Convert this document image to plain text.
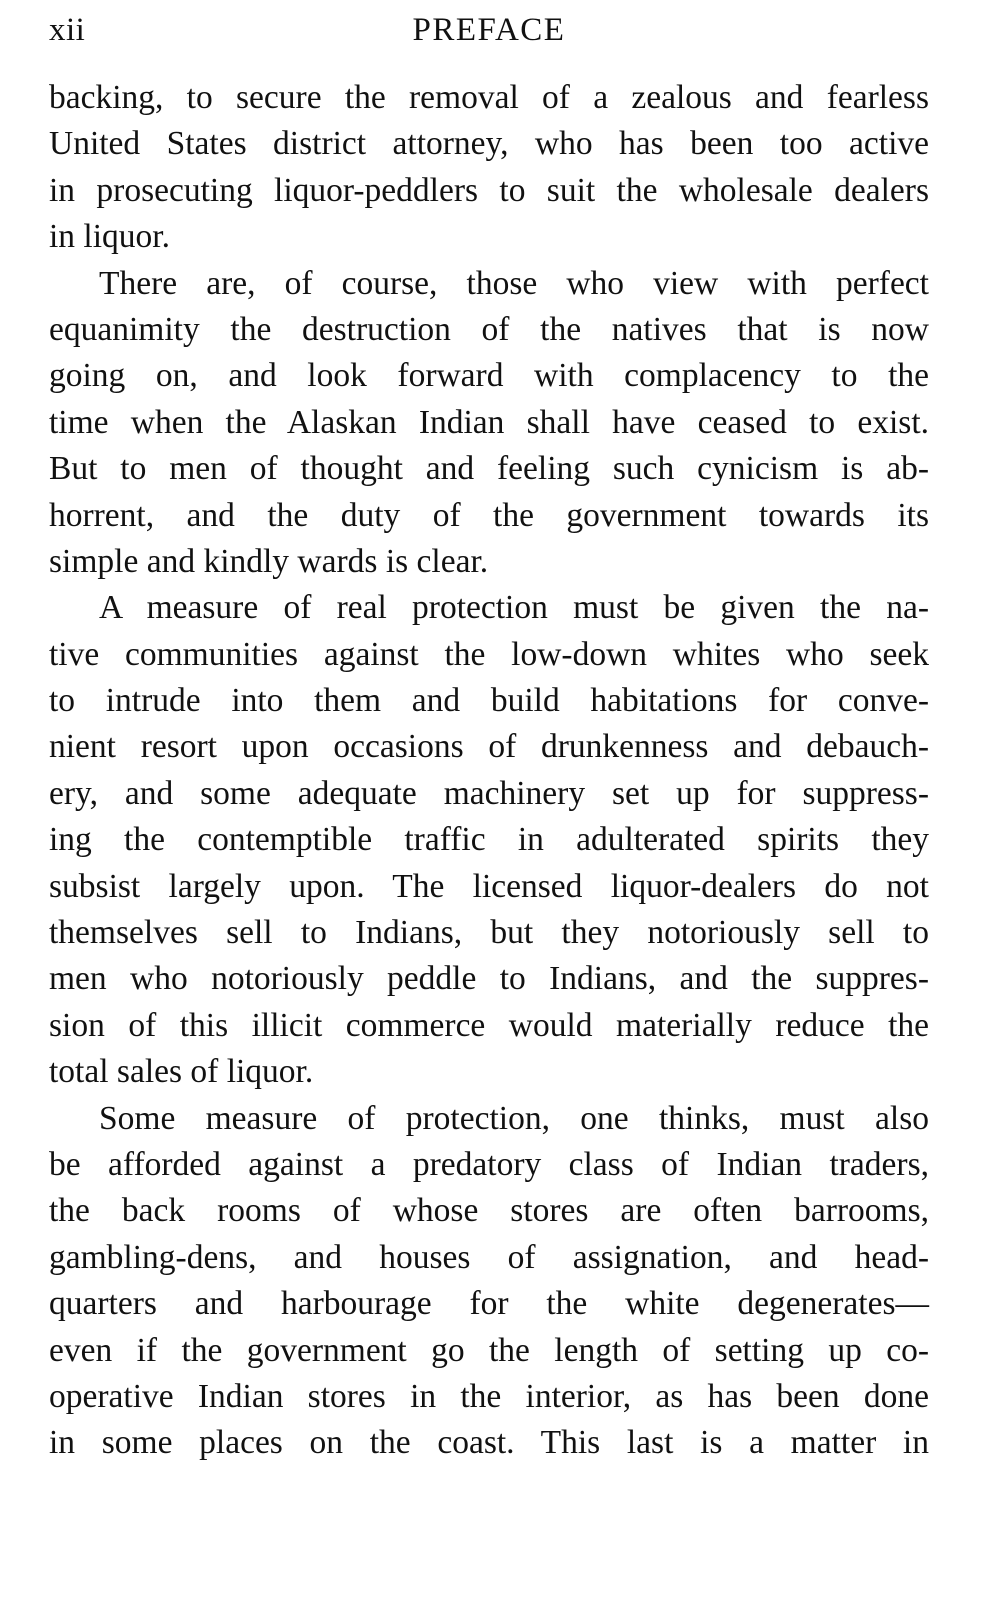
xii	PREFACE
backing, to secure the removal of a zealous and fearless
United States district attorney, who has been too active
in prosecuting liquor-peddlers to suit the wholesale dealers
in liquor.
There are, of course, those who view with perfect
equanimity the destruction of the natives that is now
going on, and look forward with complacency to the
time when the Alaskan Indian shall have ceased to exist.
But to men of thought and feeling such cynicism is ab-
horrent, and the duty of the government towards its
simple and kindly wards is clear.
A measure of real protection must be given the na-
tive communities against the low-down whites who seek
to intrude into them and build habitations for conve-
nient resort upon occasions of drunkenness and debauch-
ery, and some adequate machinery set up for suppress-
ing the contemptible traffic in adulterated spirits they
subsist largely upon. The licensed liquor-dealers do not
themselves sell to Indians, but they notoriously sell to
men who notoriously peddle to Indians, and the suppres-
sion of this illicit commerce would materially reduce the
total sales of liquor.
Some measure of protection, one thinks, must also
be afforded against a predatory class of Indian traders,
the back rooms of whose stores are often barrooms,
gambling-dens, and houses of assignation, and head-
quarters and harbourage for the white degenerates—
even if the government go the length of setting up co-
operative Indian stores in the interior, as has been done
in some places on the coast. This last is a matter in
